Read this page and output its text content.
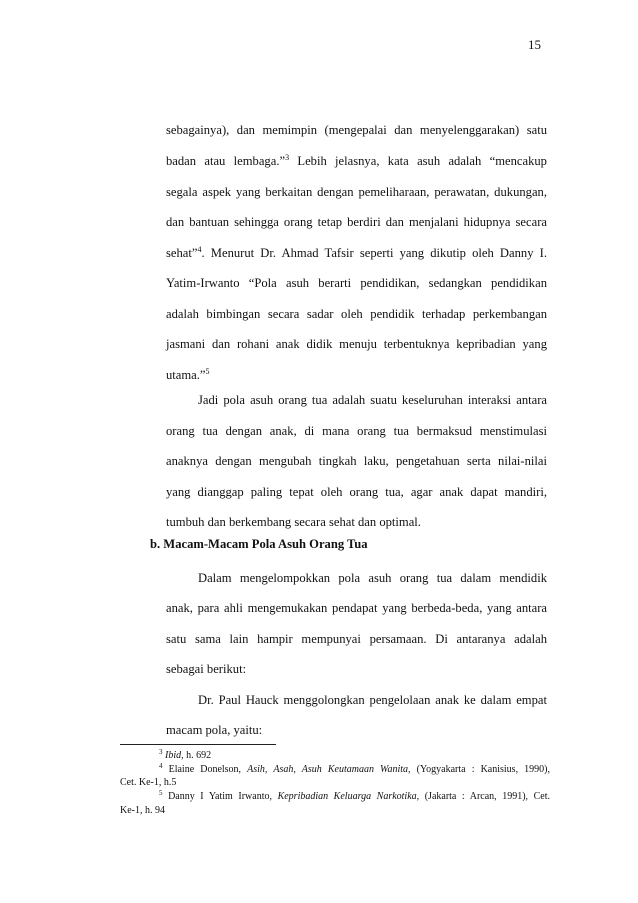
15
sebagainya), dan memimpin (mengepalai dan menyelenggarakan) satu
badan atau lembaga.”$^3$ Lebih jelasnya, kata asuh adalah “mencakup
segala aspek yang berkaitan dengan pemeliharaan, perawatan, dukungan,
dan bantuan sehingga orang tetap berdiri dan menjalani hidupnya secara
sehat”$^4$. Menurut Dr. Ahmad Tafsir seperti yang dikutip oleh Danny I.
Yatim-Irwanto “Pola asuh berarti pendidikan, sedangkan pendidikan
adalah bimbingan secara sadar oleh pendidik terhadap perkembangan
jasmani dan rohani anak didik menuju terbentuknya kepribadian yang
utama.”$^5$
Jadi pola asuh orang tua adalah suatu keseluruhan interaksi antara
orang tua dengan anak, di mana orang tua bermaksud menstimulasi
anaknya dengan mengubah tingkah laku, pengetahuan serta nilai-nilai
yang dianggap paling tepat oleh orang tua, agar anak dapat mandiri,
tumbuh dan berkembang secara sehat dan optimal.
Dalam mengelompokkan pola asuh orang tua dalam mendidik
anak, para ahli mengemukakan pendapat yang berbeda-beda, yang antara
satu sama lain hampir mempunyai persamaan. Di antaranya adalah
sebagai berikut:
Dr. Paul Hauck menggolongkan pengelolaan anak ke dalam empat
macam pola, yaitu:
b. Macam-Macam Pola Asuh Orang Tua
$^3$ Ibid, h. 692
$^4$ Elaine Donelson, Asih, Asah, Asuh Keutamaan Wanita, (Yogyakarta : Kanisius, 1990),
Cet. Ke-1, h.5
$^5$ Danny I Yatim Irwanto, Kepribadian Keluarga Narkotika, (Jakarta : Arcan, 1991), Cet.
Ke-1, h. 94
